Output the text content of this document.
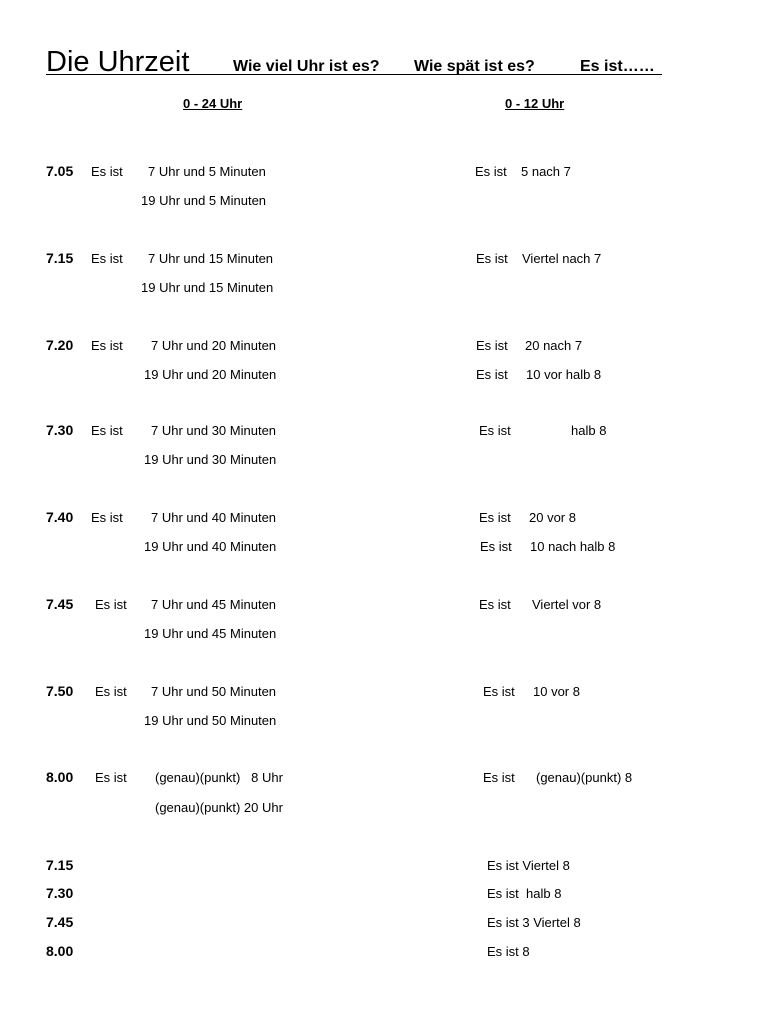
Die Uhrzeit	Wie viel Uhr ist es? Wie spät ist es?	Es ist……
0 - 24 Uhr	0 - 12 Uhr
7.05 Es ist 7 Uhr und 5 Minuten
19 Uhr und 5 Minuten
Es ist 5 nach 7
7.15 Es ist 7 Uhr und 15 Minuten
19 Uhr und 15 Minuten
Es ist Viertel nach 7
7.20 Es ist 7 Uhr und 20 Minuten
19 Uhr und 20 Minuten
Es ist 20 nach 7
Es ist 10 vor halb 8
7.30 Es ist 7 Uhr und 30 Minuten
19 Uhr und 30 Minuten
Es ist	halb 8
7.40 Es ist 7 Uhr und 40 Minuten
19 Uhr und 40 Minuten
Es ist 20 vor 8
Es ist 10 nach halb 8
7.45 Es ist 7 Uhr und 45 Minuten
19 Uhr und 45 Minuten
Es ist Viertel vor 8
7.50 Es ist 7 Uhr und 50 Minuten
19 Uhr und 50 Minuten
Es ist 10 vor 8
8.00 Es ist (genau)(punkt)   8 Uhr
(genau)(punkt) 20 Uhr
Es ist (genau)(punkt) 8
7.15	Es ist Viertel 8
7.30	Es ist  halb 8
7.45	Es ist 3 Viertel 8
8.00	Es ist 8
